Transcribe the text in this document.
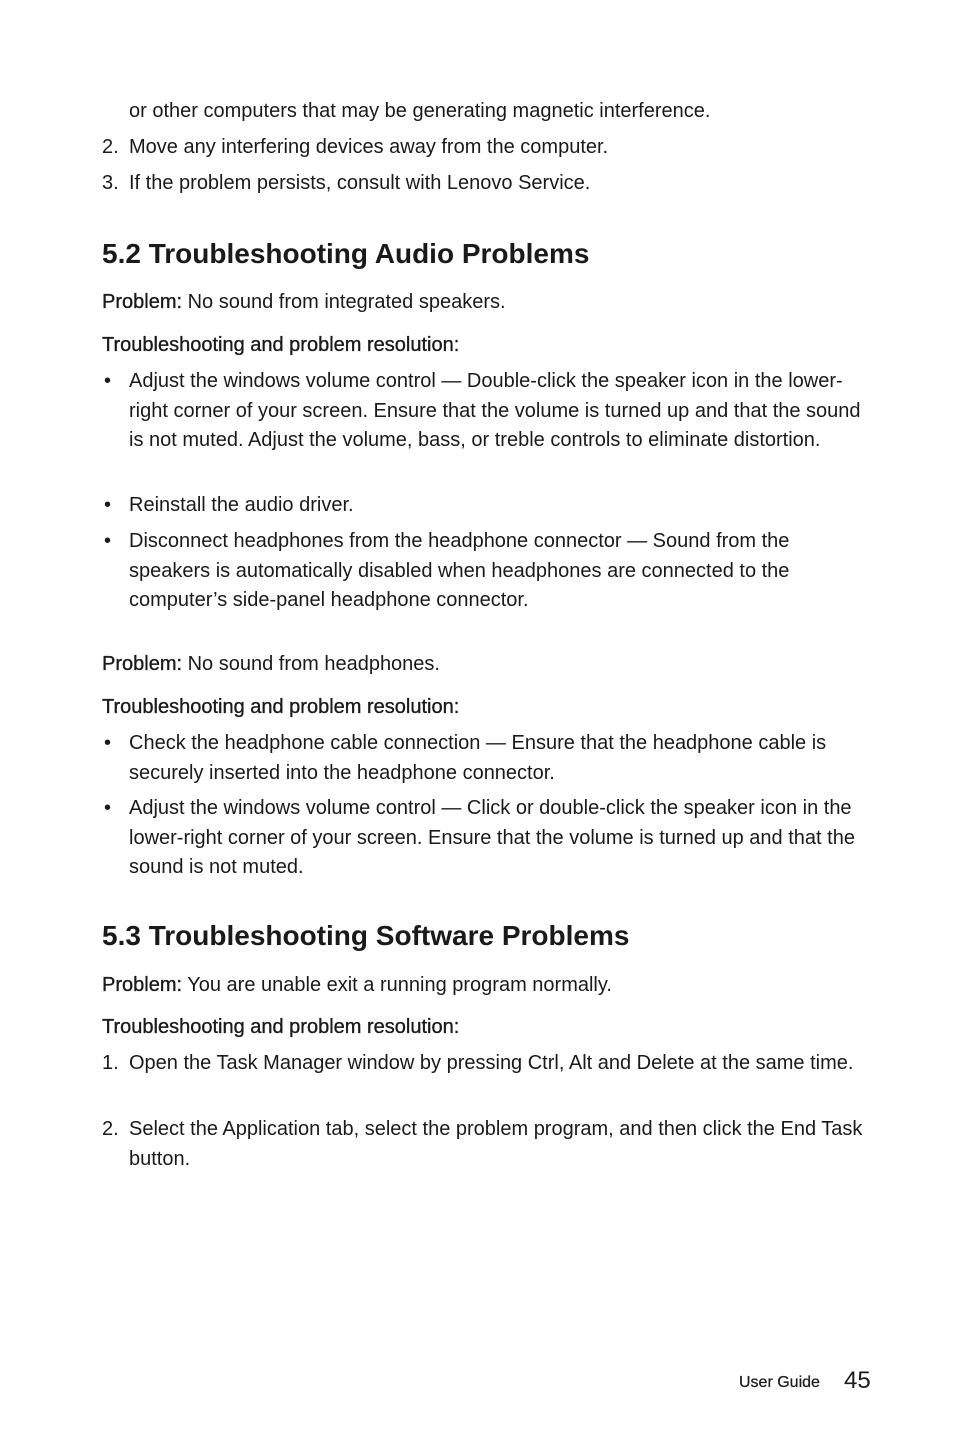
or other computers that may be generating magnetic interference.
2. Move any interfering devices away from the computer.
3. If the problem persists, consult with Lenovo Service.
5.2 Troubleshooting Audio Problems
Problem: No sound from integrated speakers.
Troubleshooting and problem resolution:
• Adjust the windows volume control — Double-click the speaker icon in the lower-right corner of your screen. Ensure that the volume is turned up and that the sound is not muted. Adjust the volume, bass, or treble controls to eliminate distortion.
• Reinstall the audio driver.
• Disconnect headphones from the headphone connector — Sound from the speakers is automatically disabled when headphones are connected to the computer’s side-panel headphone connector.
Problem: No sound from headphones.
Troubleshooting and problem resolution:
• Check the headphone cable connection — Ensure that the headphone cable is securely inserted into the headphone connector.
• Adjust the windows volume control — Click or double-click the speaker icon in the lower-right corner of your screen. Ensure that the volume is turned up and that the sound is not muted.
5.3 Troubleshooting Software Problems
Problem: You are unable exit a running program normally.
Troubleshooting and problem resolution:
1. Open the Task Manager window by pressing Ctrl, Alt and Delete at the same time.
2. Select the Application tab, select the problem program, and then click the End Task button.
User Guide 45
